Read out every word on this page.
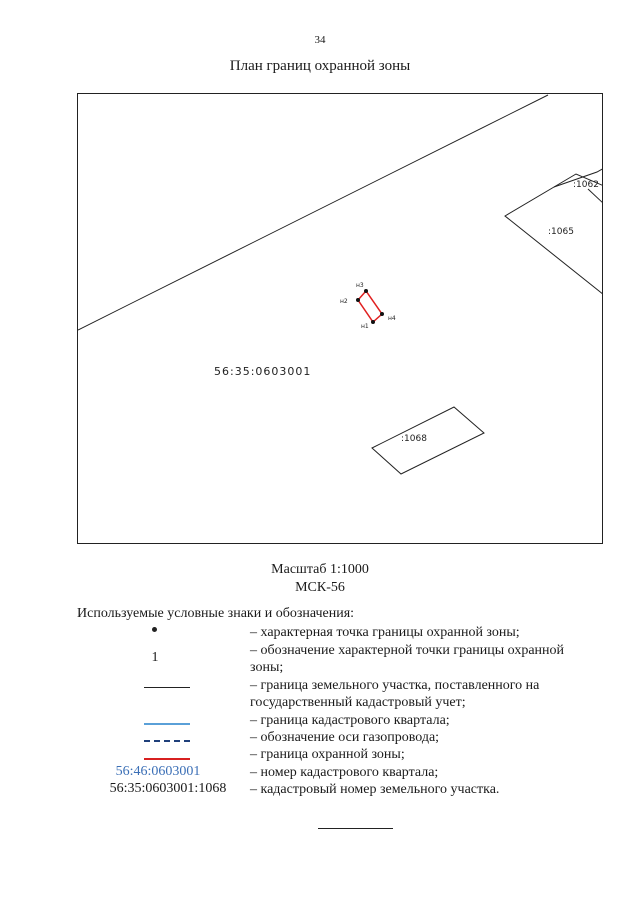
34
План границ охранной зоны
н3
н2
н4
н1
56:35:0603001
:1065
:1062
:1068
Масштаб 1:1000
МСК-56
Используемые условные знаки и обозначения:
– характерная точка границы охранной зоны;
1	– обозначение характерной точки границы охранной зоны;
– граница земельного участка, поставленного на государственный кадастровый учет;
– граница кадастрового квартала;
– обозначение оси газопровода;
– граница охранной зоны;
56:46:0603001	– номер кадастрового квартала;
56:35:0603001:1068	– кадастровый номер земельного участка.
